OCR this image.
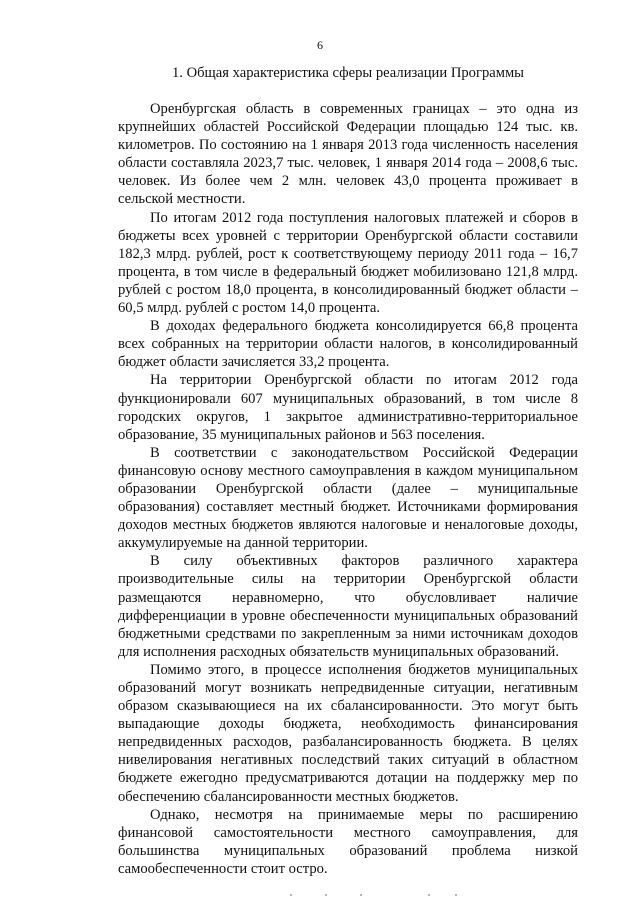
6
1. Общая характеристика сферы реализации Программы

Оренбургская область в современных границах – это одна из крупнейших областей Российской Федерации площадью 124 тыс. кв. километров. По состоянию на 1 января 2013 года численность населения области составляла 2023,7 тыс. человек, 1 января 2014 года – 2008,6 тыс. человек. Из более чем 2 млн. человек 43,0 процента проживает в сельской местности.

По итогам 2012 года поступления налоговых платежей и сборов в бюджеты всех уровней с территории Оренбургской области составили 182,3 млрд. рублей, рост к соответствующему периоду 2011 года – 16,7 процента, в том числе в федеральный бюджет мобилизовано 121,8 млрд. рублей с ростом 18,0 процента, в консолидированный бюджет области – 60,5 млрд. рублей с ростом 14,0 процента.

В доходах федерального бюджета консолидируется 66,8 процента всех собранных на территории области налогов, в консолидированный бюджет области зачисляется 33,2 процента.

На территории Оренбургской области по итогам 2012 года функционировали 607 муниципальных образований, в том числе 8 городских округов, 1 закрытое административно-территориальное образование, 35 муниципальных районов и 563 поселения.

В соответствии с законодательством Российской Федерации финансовую основу местного самоуправления в каждом муниципальном образовании Оренбургской области (далее – муниципальные образования) составляет местный бюджет. Источниками формирования доходов местных бюджетов являются налоговые и неналоговые доходы, аккумулируемые на данной территории.

В силу объективных факторов различного характера производительные силы на территории Оренбургской области размещаются неравномерно, что обусловливает наличие дифференциации в уровне обеспеченности муниципальных образований бюджетными средствами по закрепленным за ними источникам доходов для исполнения расходных обязательств муниципальных образований.

Помимо этого, в процессе исполнения бюджетов муниципальных образований могут возникать непредвиденные ситуации, негативным образом сказывающиеся на их сбалансированности. Это могут быть выпадающие доходы бюджета, необходимость финансирования непредвиденных расходов, разбалансированность бюджета. В целях нивелирования негативных последствий таких ситуаций в областном бюджете ежегодно предусматриваются дотации на поддержку мер по обеспечению сбалансированности местных бюджетов.

Однако, несмотря на принимаемые меры по расширению финансовой самостоятельности местного самоуправления, для большинства муниципальных образований проблема низкой самообеспеченности стоит остро.
